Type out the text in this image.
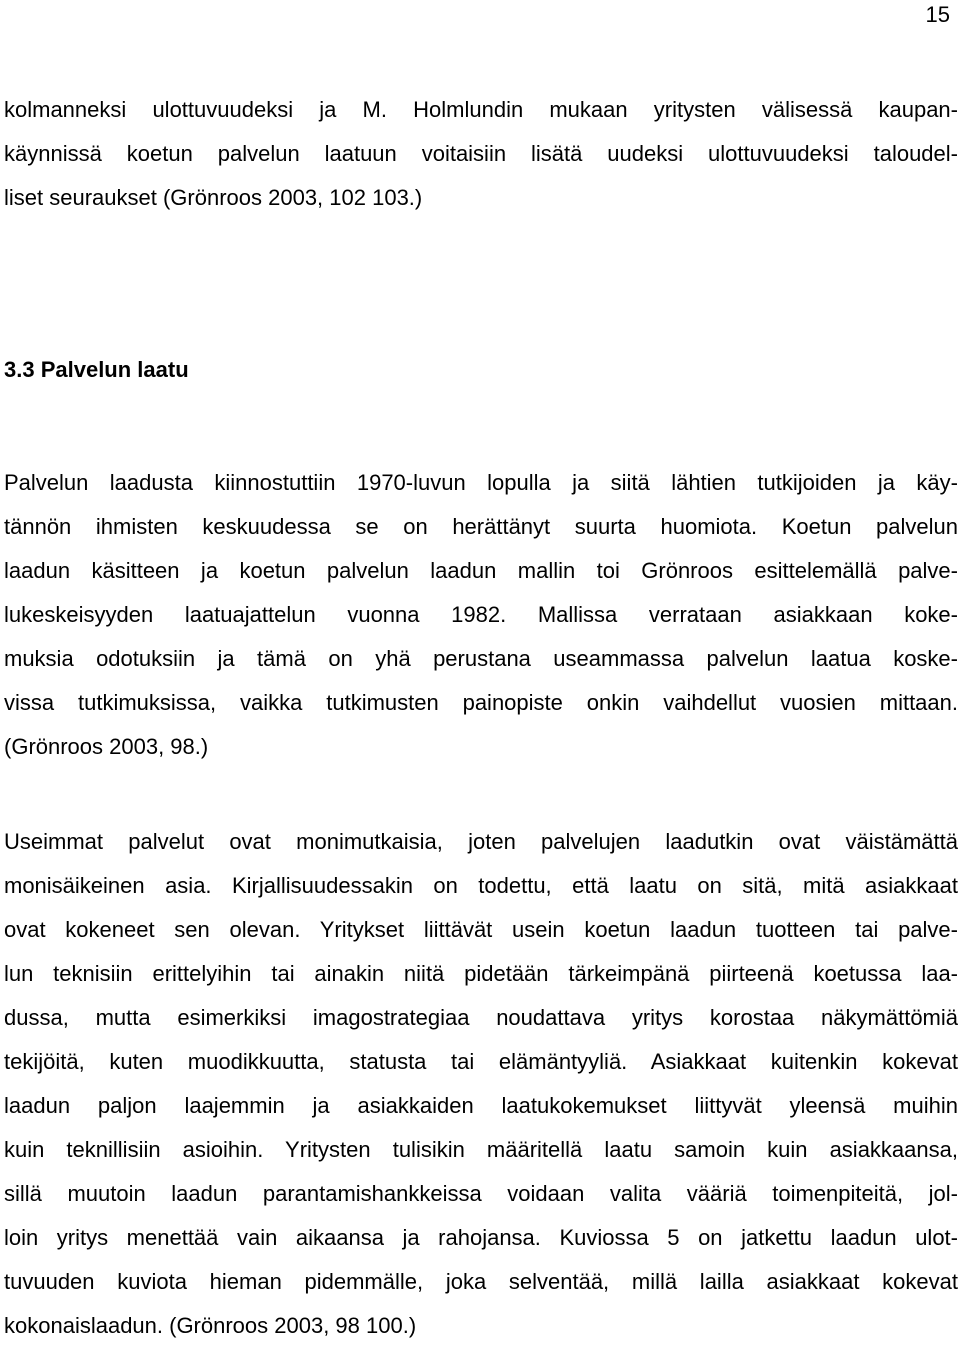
15
kolmanneksi ulottuvuudeksi ja M. Holmlundin mukaan yritysten välisessä kaupan-
käynnissä koetun palvelun laatuun voitaisiin lisätä uudeksi ulottuvuudeksi taloudel-
liset seuraukset (Grönroos 2003, 102 103.)
3.3 Palvelun laatu
Palvelun laadusta kiinnostuttiin 1970-luvun lopulla ja siitä lähtien tutkijoiden ja käy-
tännön ihmisten keskuudessa se on herättänyt suurta huomiota. Koetun palvelun
laadun käsitteen ja koetun palvelun laadun mallin toi Grönroos esittelemällä palve-
lukeskeisyyden laatuajattelun vuonna 1982. Mallissa verrataan asiakkaan koke-
muksia odotuksiin ja tämä on yhä perustana useammassa palvelun laatua koske-
vissa tutkimuksissa, vaikka tutkimusten painopiste onkin vaihdellut vuosien mittaan.
(Grönroos 2003, 98.)
Useimmat palvelut ovat monimutkaisia, joten palvelujen laadutkin ovat väistämättä
monisäikeinen asia. Kirjallisuudessakin on todettu, että laatu on sitä, mitä asiakkaat
ovat kokeneet sen olevan. Yritykset liittävät usein koetun laadun tuotteen tai palve-
lun teknisiin erittelyihin tai ainakin niitä pidetään tärkeimpänä piirteenä koetussa laa-
dussa, mutta esimerkiksi imagostrategiaa noudattava yritys korostaa näkymättömiä
tekijöitä, kuten muodikkuutta, statusta tai elämäntyyliä. Asiakkaat kuitenkin kokevat
laadun paljon laajemmin ja asiakkaiden laatukokemukset liittyvät yleensä muihin
kuin teknillisiin asioihin. Yritysten tulisikin määritellä laatu samoin kuin asiakkaansa,
sillä muutoin laadun parantamishankkeissa voidaan valita vääriä toimenpiteitä, jol-
loin yritys menettää vain aikaansa ja rahojansa. Kuviossa 5 on jatkettu laadun ulot-
tuvuuden kuviota hieman pidemmälle, joka selventää, millä lailla asiakkaat kokevat
kokonaislaadun. (Grönroos 2003, 98 100.)
